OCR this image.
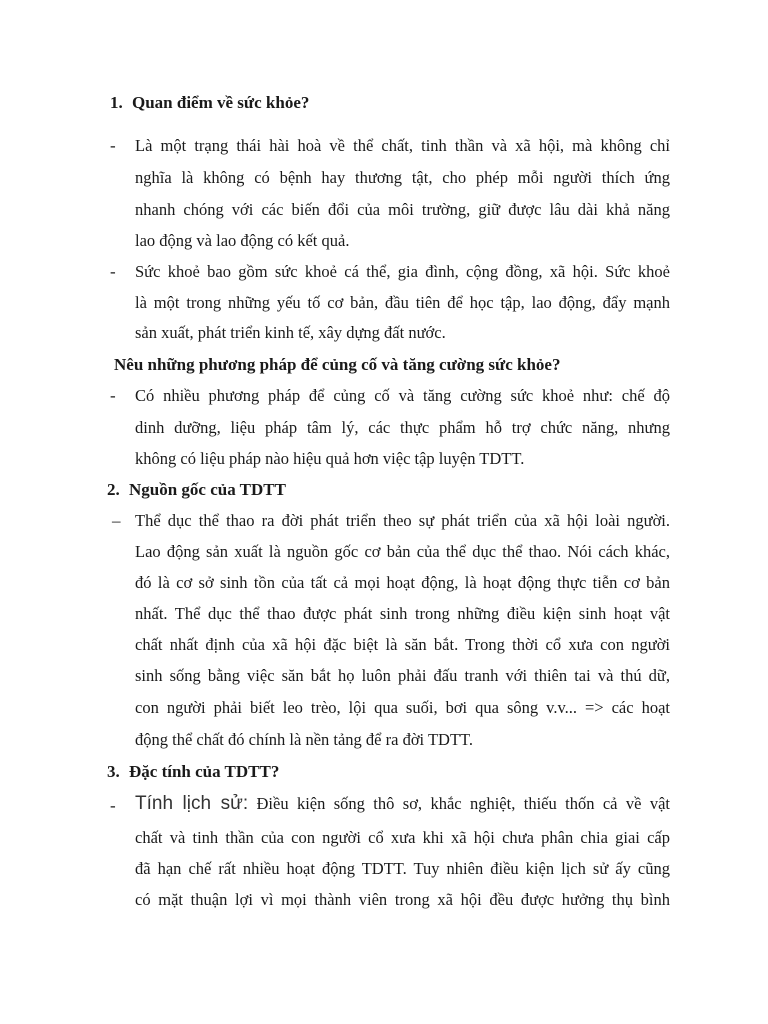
1. Quan điểm về sức khỏe?
- Là một trạng thái hài hoà về thể chất, tinh thần và xã hội, mà không chỉ
nghĩa là không có bệnh hay thương tật, cho phép mỗi người thích ứng
nhanh chóng với các biến đổi của môi trường, giữ được lâu dài khả năng
lao động và lao động có kết quả.
- Sức khoẻ bao gồm sức khoẻ cá thể, gia đình, cộng đồng, xã hội. Sức khoẻ
là một trong những yếu tố cơ bản, đầu tiên để học tập, lao động, đẩy mạnh
sản xuất, phát triển kinh tế, xây dựng đất nước.
Nêu những phương pháp để củng cố và tăng cường sức khỏe?
- Có nhiều phương pháp để củng cố và tăng cường sức khoẻ như: chế độ
dinh dưỡng, liệu pháp tâm lý, các thực phẩm hỗ trợ chức năng, nhưng
không có liệu pháp nào hiệu quả hơn việc tập luyện TDTT.
2. Nguồn gốc của TDTT
– Thể dục thể thao ra đời phát triển theo sự phát triển của xã hội loài người.
Lao động sản xuất là nguồn gốc cơ bản của thể dục thể thao. Nói cách khác,
đó là cơ sở sinh tồn của tất cả mọi hoạt động, là hoạt động thực tiễn cơ bản
nhất. Thể dục thể thao được phát sinh trong những điều kiện sinh hoạt vật
chất nhất định của xã hội đặc biệt là săn bắt. Trong thời cổ xưa con người
sinh sống bằng việc săn bắt họ luôn phải đấu tranh với thiên tai và thú dữ,
con người phải biết leo trèo, lội qua suối, bơi qua sông v.v... => các hoạt
động thể chất đó chính là nền tảng để ra đời TDTT.
3. Đặc tính của TDTT?
- Tính lịch sử: Điều kiện sống thô sơ, khắc nghiệt, thiếu thốn cả về vật
chất và tinh thần của con người cổ xưa khi xã hội chưa phân chia giai cấp
đã hạn chế rất nhiều hoạt động TDTT. Tuy nhiên điều kiện lịch sử ấy cũng
có mặt thuận lợi vì mọi thành viên trong xã hội đều được hưởng thụ bình
